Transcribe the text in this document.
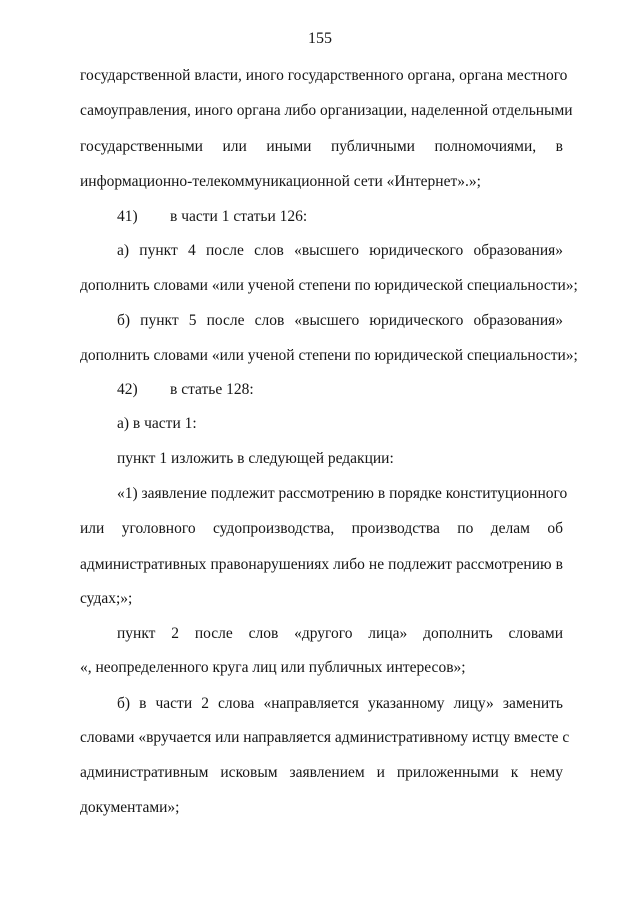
155
государственной власти, иного государственного органа, органа местного
самоуправления, иного органа либо организации, наделенной отдельными
государственными или иными публичными полномочиями, в
информационно-телекоммуникационной сети «Интернет».»;
41) в части 1 статьи 126:
а) пункт 4 после слов «высшего юридического образования»
дополнить словами «или ученой степени по юридической специальности»;
б) пункт 5 после слов «высшего юридического образования»
дополнить словами «или ученой степени по юридической специальности»;
42) в статье 128:
а) в части 1:
пункт 1 изложить в следующей редакции:
«1) заявление подлежит рассмотрению в порядке конституционного
или уголовного судопроизводства, производства по делам об
административных правонарушениях либо не подлежит рассмотрению в
судах;»;
пункт 2 после слов «другого лица» дополнить словами
«, неопределенного круга лиц или публичных интересов»;
б) в части 2 слова «направляется указанному лицу» заменить
словами «вручается или направляется административному истцу вместе с
административным исковым заявлением и приложенными к нему
документами»;
